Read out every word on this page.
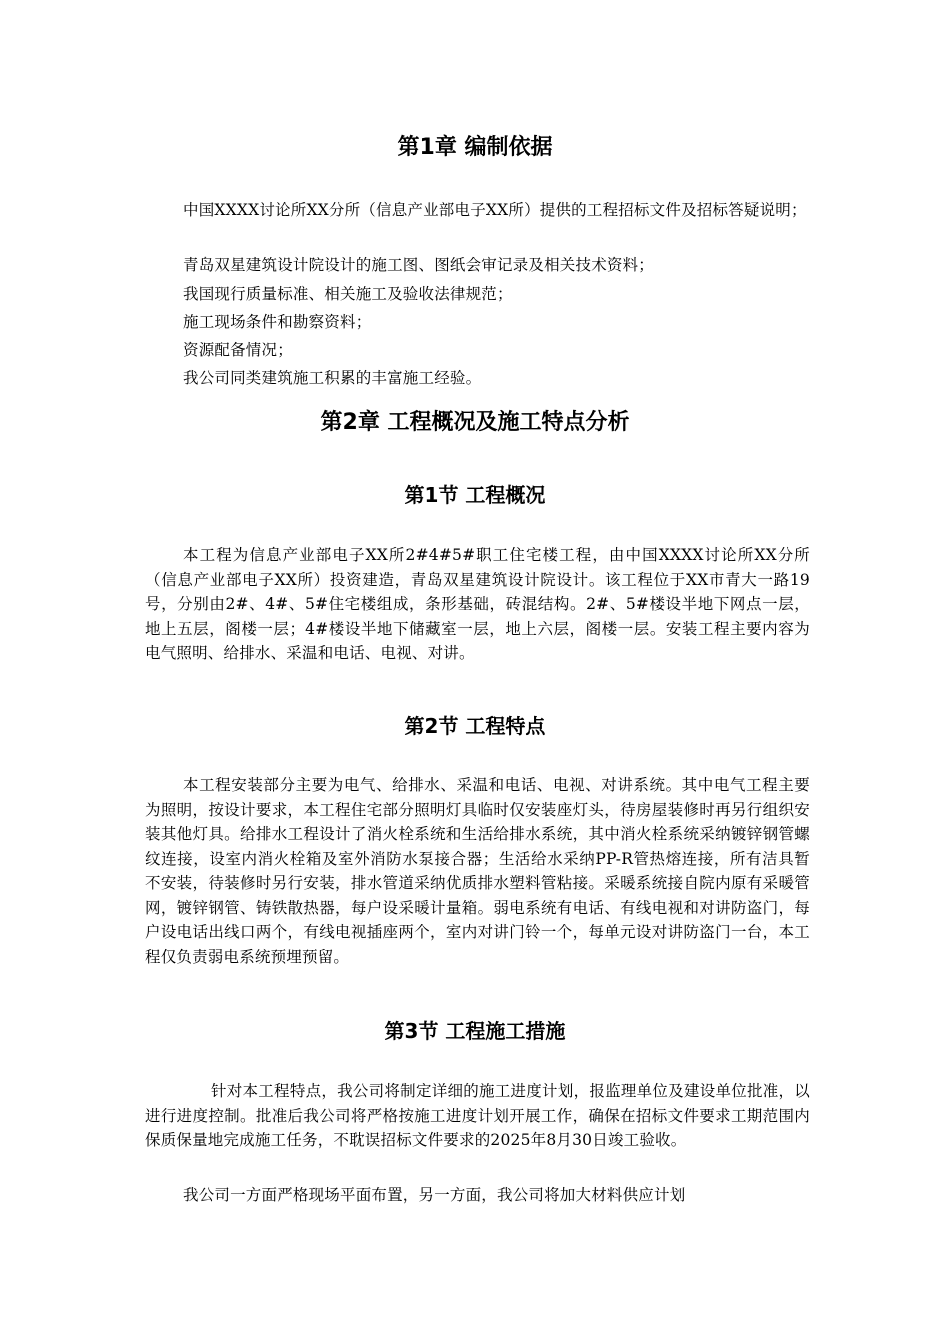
第1章 编制依据

中国XXXX讨论所XX分所（信息产业部电子XX所）提供的工程招标文件及招标答疑说明；

青岛双星建筑设计院设计的施工图、图纸会审记录及相关技术资料；

我国现行质量标准、相关施工及验收法律规范；

施工现场条件和勘察资料；

资源配备情况；

我公司同类建筑施工积累的丰富施工经验。

第2章 工程概况及施工特点分析
第1节 工程概况

本工程为信息产业部电子XX所2#4#5#职工住宅楼工程，由中国XXXX讨论所XX分所（信息产业部电子XX所）投资建造，青岛双星建筑设计院设计。该工程位于XX市青大一路19号，分别由2#、4#、5#住宅楼组成，条形基础，砖混结构。2#、5#楼设半地下网点一层，地上五层，阁楼一层；4#楼设半地下储藏室一层，地上六层，阁楼一层。安装工程主要内容为电气照明、给排水、采温和电话、电视、对讲。

第2节 工程特点

本工程安装部分主要为电气、给排水、采温和电话、电视、对讲系统。其中电气工程主要为照明，按设计要求，本工程住宅部分照明灯具临时仅安装座灯头，待房屋装修时再另行组织安装其他灯具。给排水工程设计了消火栓系统和生活给排水系统，其中消火栓系统采纳镀锌钢管螺纹连接，设室内消火栓箱及室外消防水泵接合器；生活给水采纳PP-R管热熔连接，所有洁具暂不安装，待装修时另行安装，排水管道采纳优质排水塑料管粘接。采暖系统接自院内原有采暖管网，镀锌钢管、铸铁散热器，每户设采暖计量箱。弱电系统有电话、有线电视和对讲防盗门，每户设电话出线口两个，有线电视插座两个，室内对讲门铃一个，每单元设对讲防盗门一台，本工程仅负责弱电系统预埋预留。

第3节 工程施工措施

针对本工程特点，我公司将制定详细的施工进度计划，报监理单位及建设单位批准，以进行进度控制。批准后我公司将严格按施工进度计划开展工作，确保在招标文件要求工期范围内保质保量地完成施工任务，不耽误招标文件要求的2025年8月30日竣工验收。

我公司一方面严格现场平面布置，另一方面，我公司将加大材料供应计划
